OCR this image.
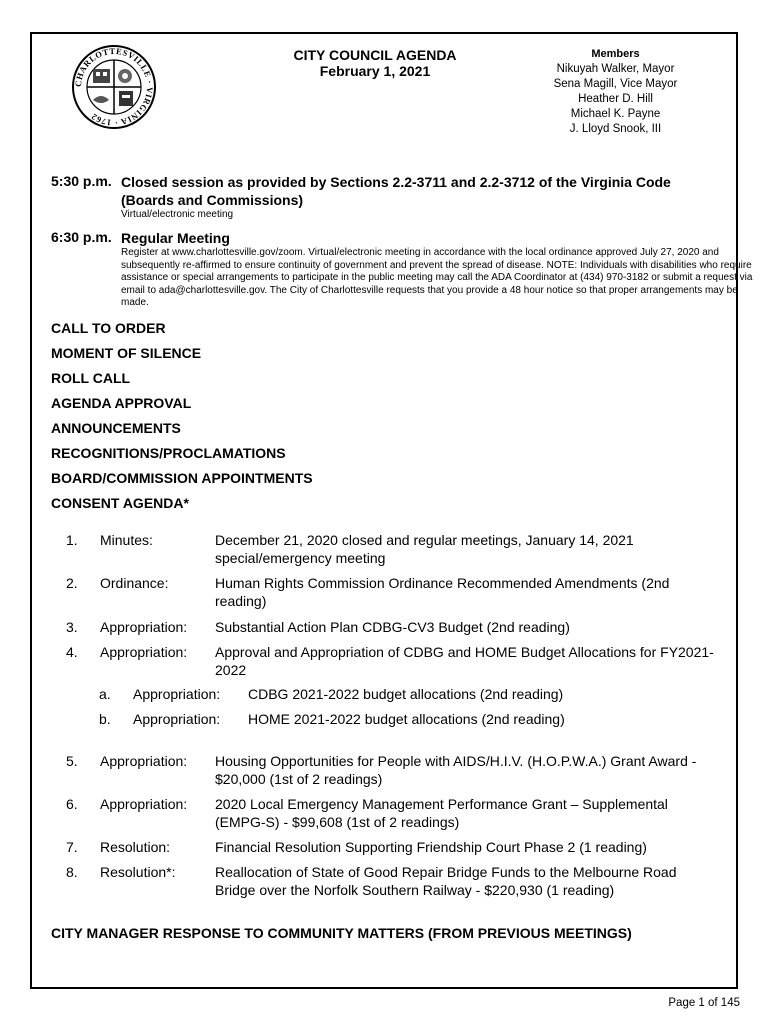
CHARLOTTESVILLE · VIRGINIA · 1762
CITY COUNCIL AGENDA
February 1, 2021
Members
Nikuyah Walker, Mayor
Sena Magill, Vice Mayor
Heather D. Hill
Michael K. Payne
J. Lloyd Snook, III
5:30 p.m. Closed session as provided by Sections 2.2-3711 and 2.2-3712 of the Virginia Code (Boards and Commissions)
Virtual/electronic meeting
6:30 p.m. Regular Meeting
Register at www.charlottesville.gov/zoom. Virtual/electronic meeting in accordance with the local ordinance approved July 27, 2020 and subsequently re-affirmed to ensure continuity of government and prevent the spread of disease. NOTE: Individuals with disabilities who require assistance or special arrangements to participate in the public meeting may call the ADA Coordinator at (434) 970-3182 or submit a request via email to ada@charlottesville.gov. The City of Charlottesville requests that you provide a 48 hour notice so that proper arrangements may be made.
CALL TO ORDER
MOMENT OF SILENCE
ROLL CALL
AGENDA APPROVAL
ANNOUNCEMENTS
RECOGNITIONS/PROCLAMATIONS
BOARD/COMMISSION APPOINTMENTS
CONSENT AGENDA*
1. Minutes:	December 21, 2020 closed and regular meetings, January 14, 2021 special/emergency meeting
2. Ordinance:	Human Rights Commission Ordinance Recommended Amendments (2nd reading)
3. Appropriation: Substantial Action Plan CDBG-CV3 Budget (2nd reading)
4. Appropriation: Approval and Appropriation of CDBG and HOME Budget Allocations for FY2021-2022
a. Appropriation: CDBG 2021-2022 budget allocations (2nd reading)
b. Appropriation: HOME 2021-2022 budget allocations (2nd reading)
5. Appropriation: Housing Opportunities for People with AIDS/H.I.V. (H.O.P.W.A.) Grant Award - $20,000 (1st of 2 readings)
6. Appropriation: 2020 Local Emergency Management Performance Grant – Supplemental (EMPG-S) - $99,608 (1st of 2 readings)
7. Resolution:	Financial Resolution Supporting Friendship Court Phase 2 (1 reading)
8. Resolution*:	Reallocation of State of Good Repair Bridge Funds to the Melbourne Road Bridge over the Norfolk Southern Railway - $220,930 (1 reading)
CITY MANAGER RESPONSE TO COMMUNITY MATTERS (FROM PREVIOUS MEETINGS)
Page 1 of 145
